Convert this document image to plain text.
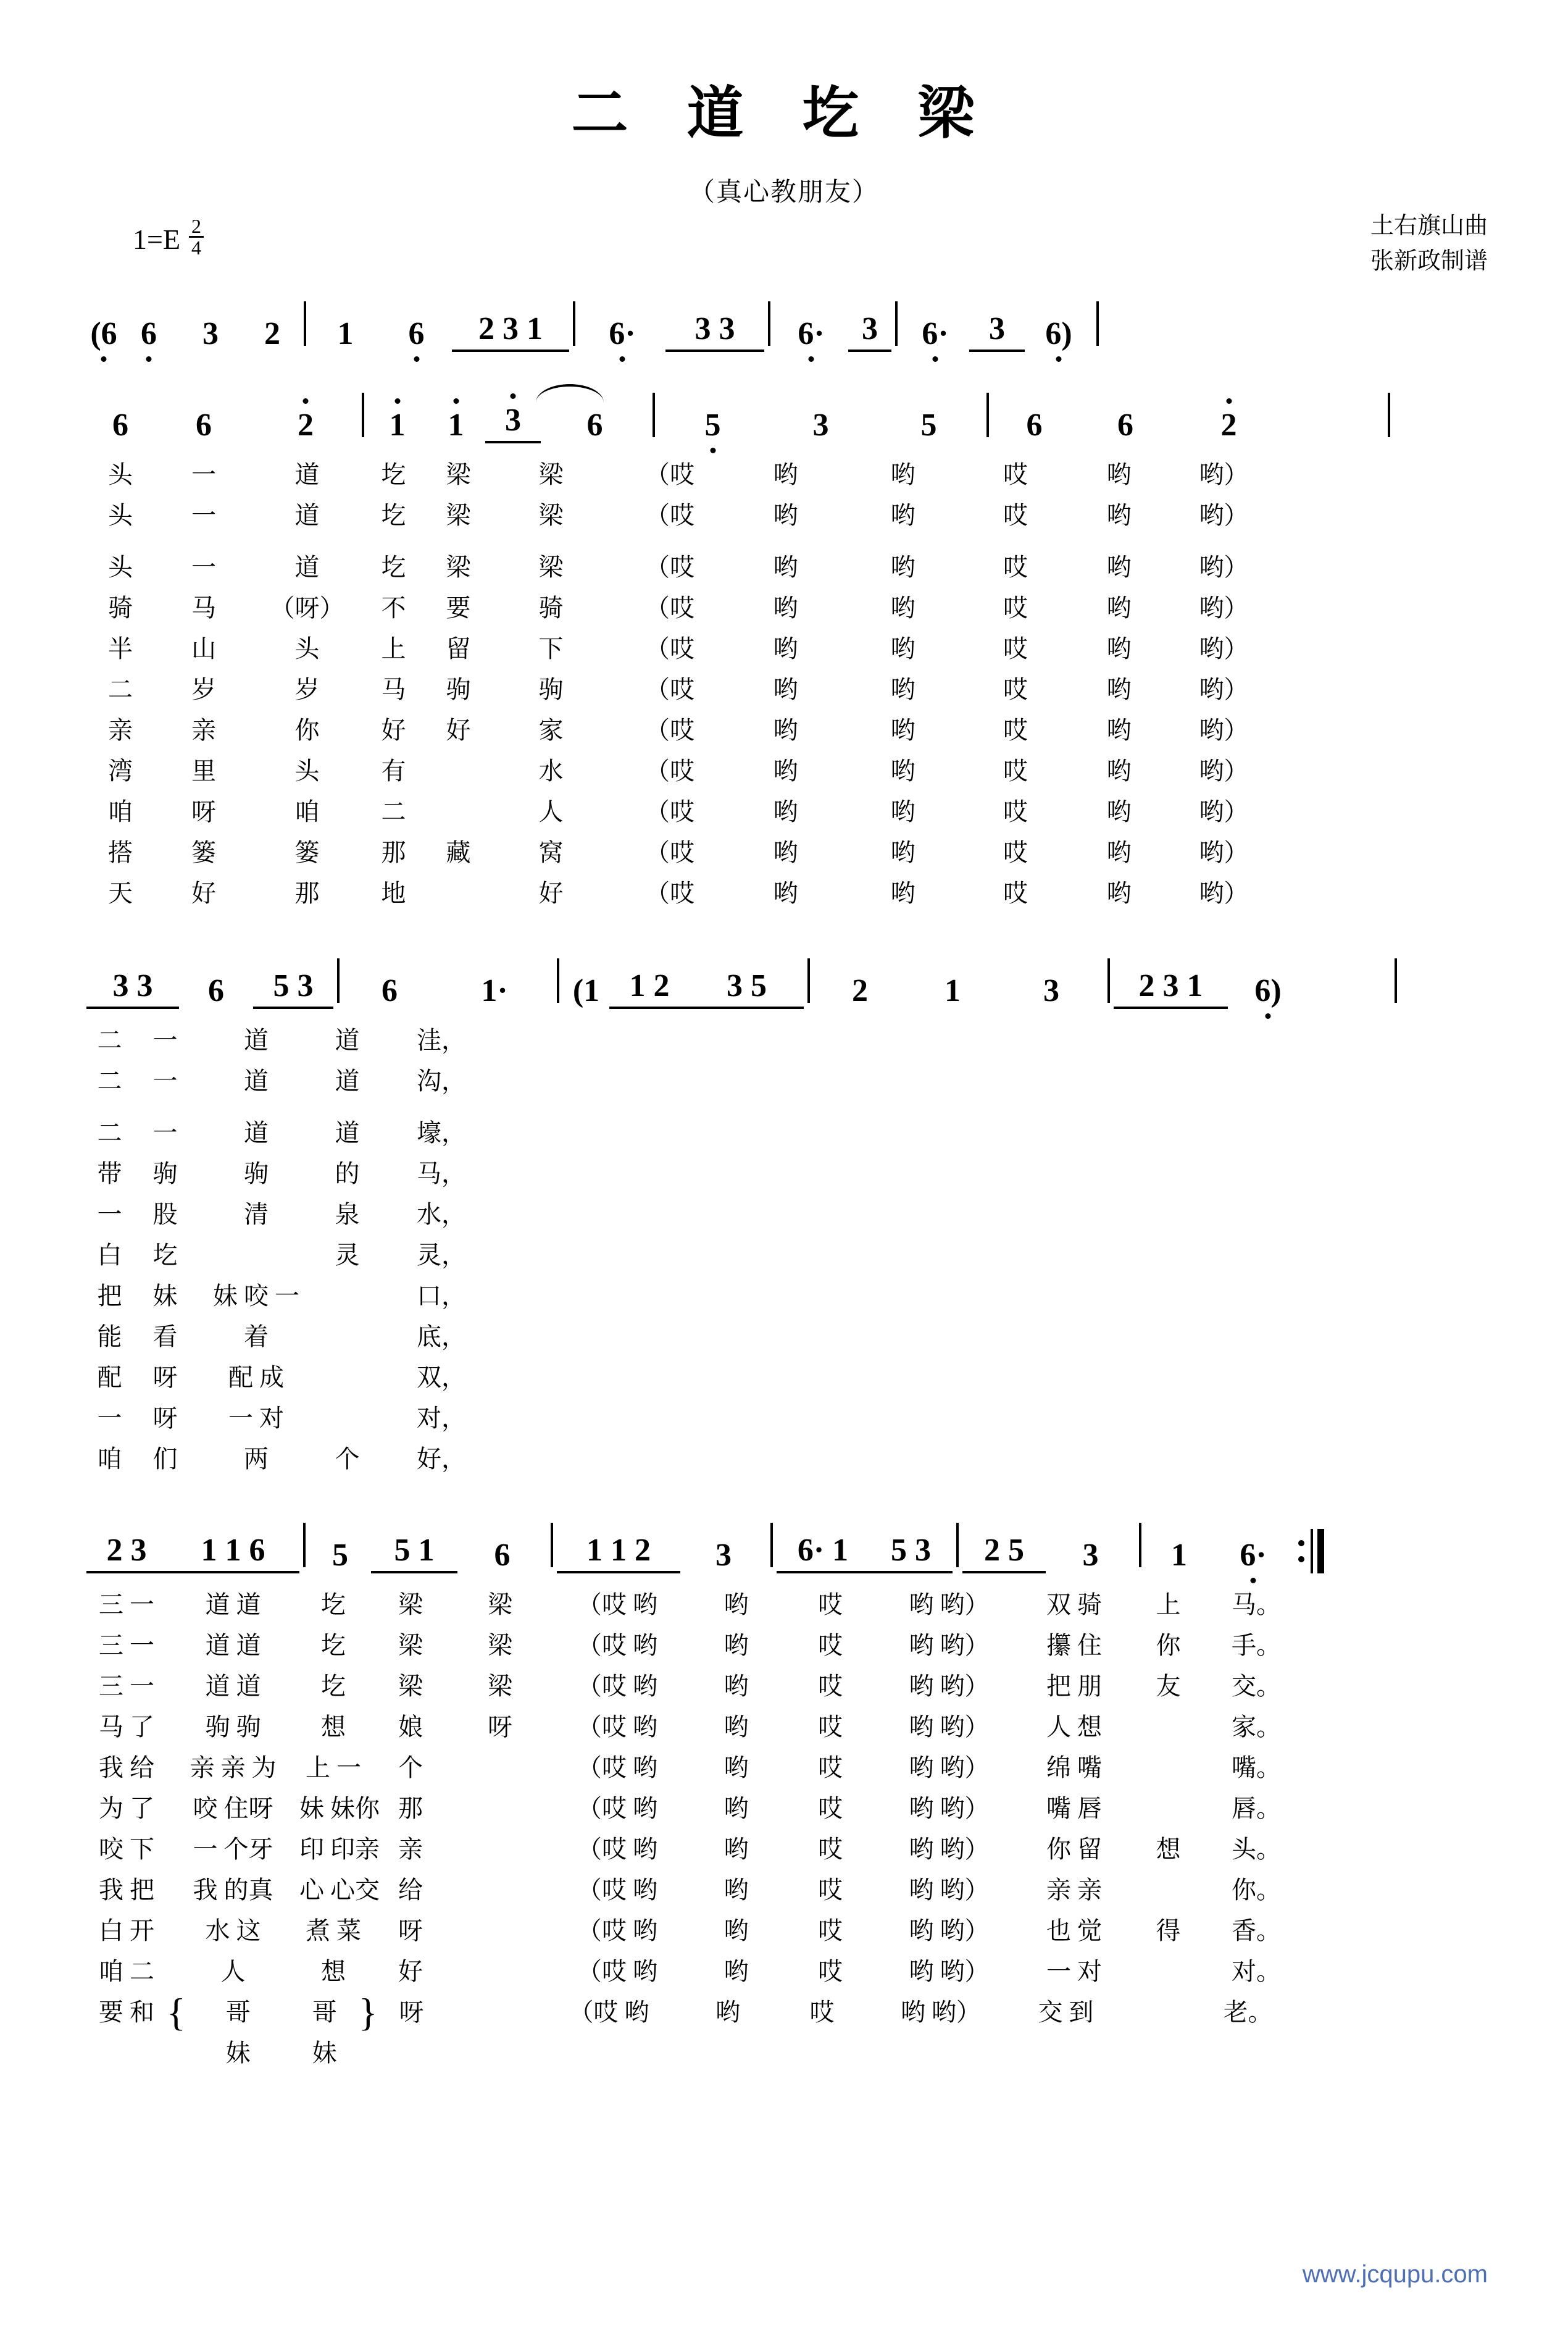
二 道 圪 梁
（真心教朋友）
$1=E \frac{2}{4}$	土右旗山曲
张新政制谱
(6 6	3	2	1	6	2 3 1	6·	3 3	6·	3	6·	3	6)
6	6	2	1	1	3	6	5	3	5	6	6	2
头	一	道	圪	梁	梁	（哎	哟	哟	哎	哟	哟）
头	一	道	圪	梁	梁	（哎	哟	哟	哎	哟	哟）
头	一	道	圪	梁	梁	（哎	哟	哟	哎	哟	哟）
骑	马	（呀）	不	要	骑	（哎	哟	哟	哎	哟	哟）
半	山	头	上	留	下	（哎	哟	哟	哎	哟	哟）
二	岁	岁	马	驹	驹	（哎	哟	哟	哎	哟	哟）
亲	亲	你	好	好	家	（哎	哟	哟	哎	哟	哟）
湾	里	头	有	水	（哎	哟	哟	哎	哟	哟）
咱	呀	咱	二	人	（哎	哟	哟	哎	哟	哟）
搭	篓	篓	那	藏	窝	（哎	哟	哟	哎	哟	哟）
天	好	那	地	好	（哎	哟	哟	哎	哟	哟）
3 3	6	5 3	6	1·	(1 1 2	3 5	2	1	3	2 3 1	6)
二	一	道	道	洼，
二	一	道	道	沟，
二	一	道	道	壕，
带	驹	驹	的	马，
一	股	清	泉	水，
白	圪	灵	灵，
把	妹	妹 咬 一	口，
能	看	着	底，
配	呀	配 成	双，
一	呀	一 对	对，
咱	们	两	个	好，
2 3	1 1 6	5	5 1	6	1 1 2	3	6· 1	5 3	2 5	3	1	6·
三 一	道 道	圪	梁	梁	（哎 哟	哟	哎	哟 哟）	双 骑	上	马。
三 一	道 道	圪	梁	梁	（哎 哟	哟	哎	哟 哟）	攥 住	你	手。
三 一	道 道	圪	梁	梁	（哎 哟	哟	哎	哟 哟）	把 朋	友	交。
马 了	驹 驹	想	娘	呀	（哎 哟	哟	哎	哟 哟）	人 想	家。
我 给	亲 亲 为	上 一	个	（哎 哟	哟	哎	哟 哟）	绵 嘴	嘴。
为 了	咬 住呀	妹 妹你 那	（哎 哟	哟	哎	哟 哟）	嘴 唇	唇。
咬 下	一 个牙	印 印亲 亲	（哎 哟	哟	哎	哟 哟）	你 留	想	头。
我 把	我 的真	心 心交 给	（哎 哟	哟	哎	哟 哟）	亲 亲	你。
白 开	水 这	煮 菜	呀	（哎 哟	哟	哎	哟 哟）	也 觉	得	香。
咱 二	人	想	好	（哎 哟	哟	哎	哟 哟）	一 对	对。
要 和 {	哥	哥 } 呀	（哎 哟	哟	哎	哟 哟）	交 到	老。
妹	妹
www.jcqupu.com
